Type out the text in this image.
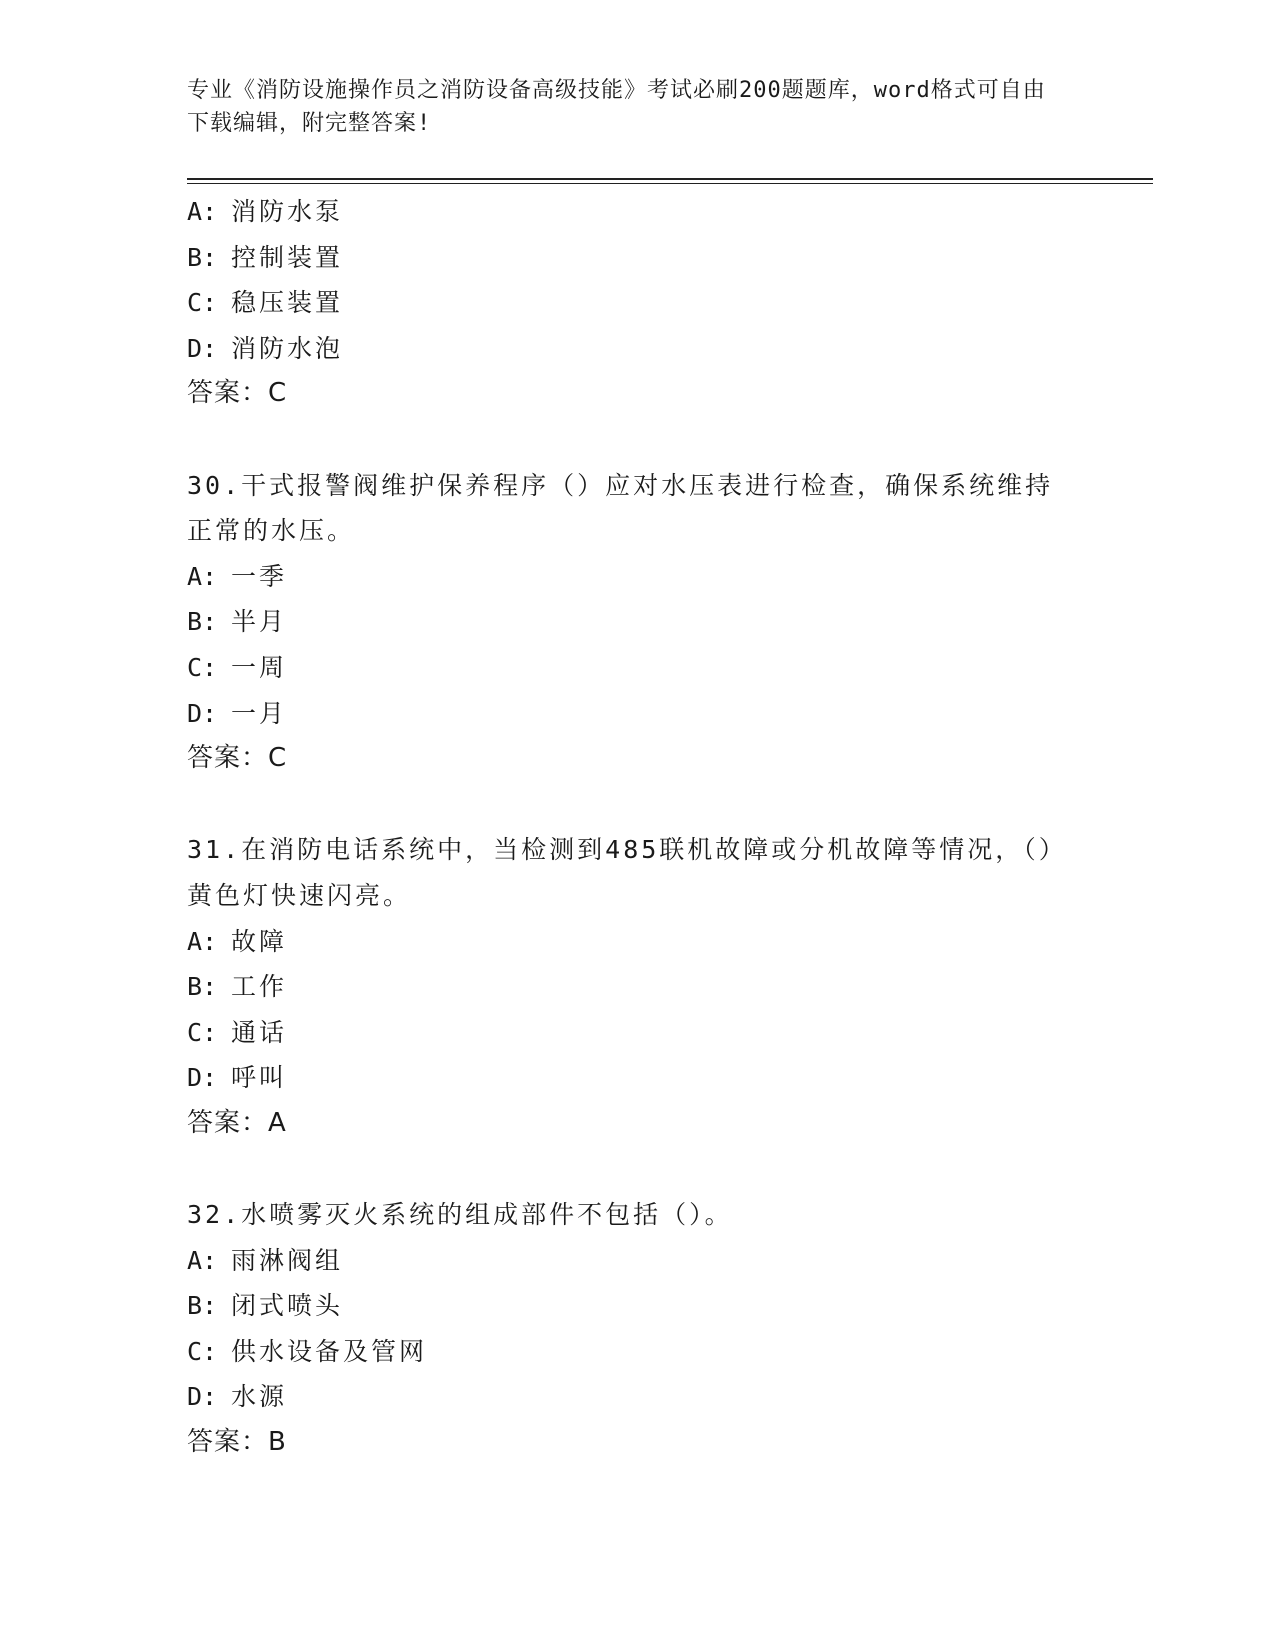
专业《消防设施操作员之消防设备高级技能》考试必刷200题题库，word格式可自由下载编辑，附完整答案!
A: 消防水泵
B: 控制装置
C: 稳压装置
D: 消防水泡
答案：C
30.干式报警阀维护保养程序（）应对水压表进行检查，确保系统维持正常的水压。
A: 一季
B: 半月
C: 一周
D: 一月
答案：C
31.在消防电话系统中，当检测到485联机故障或分机故障等情况，（）黄色灯快速闪亮。
A: 故障
B: 工作
C: 通话
D: 呼叫
答案：A
32.水喷雾灭火系统的组成部件不包括（）。
A: 雨淋阀组
B: 闭式喷头
C: 供水设备及管网
D: 水源
答案：B
